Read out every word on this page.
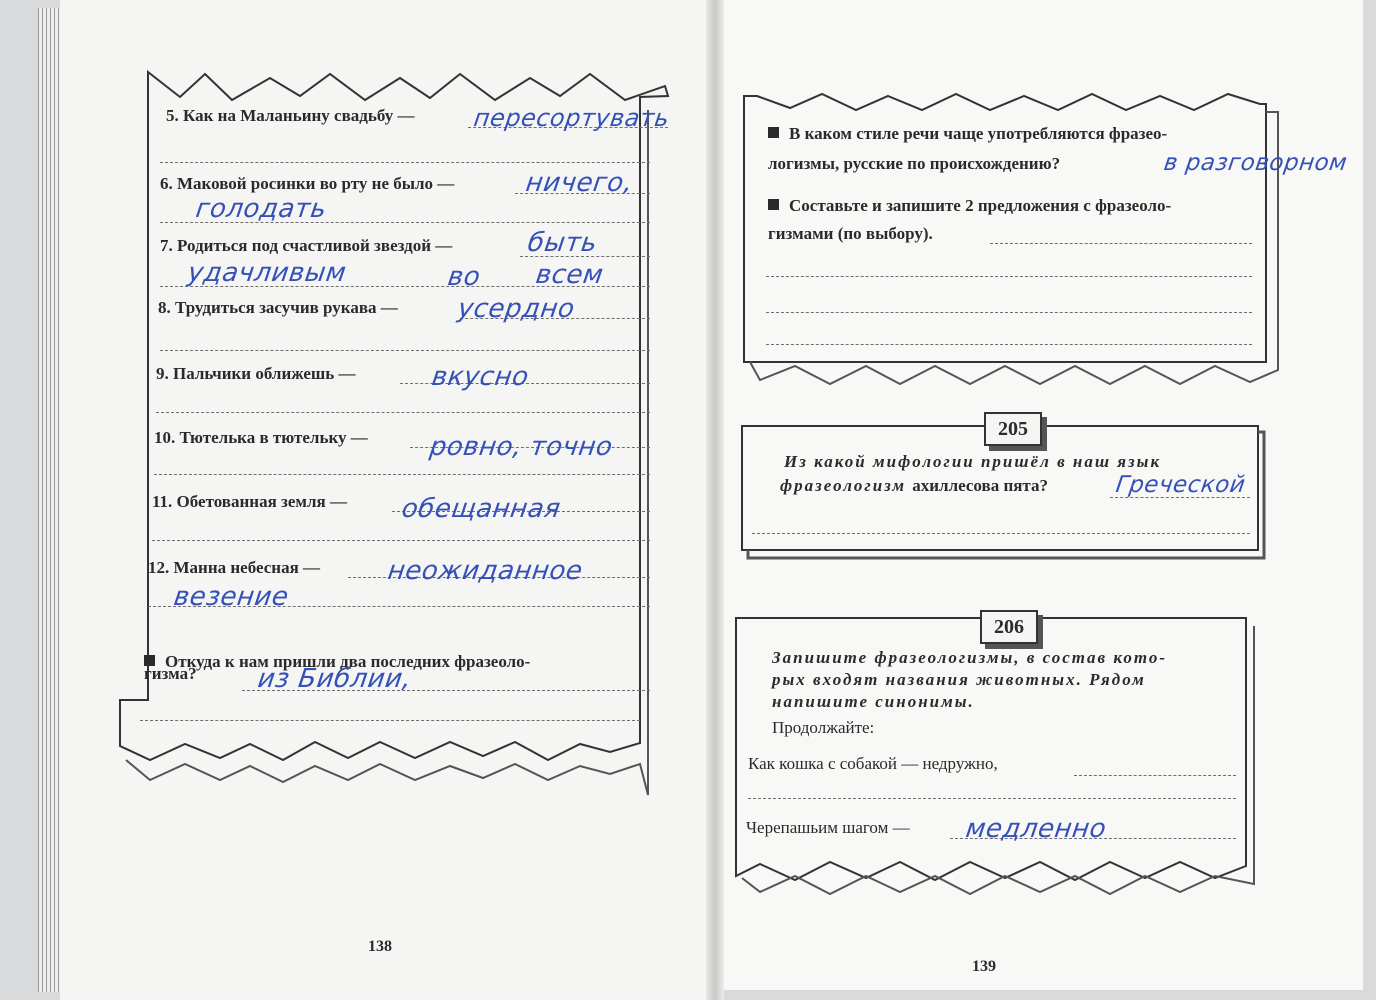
5. Как на Маланьину свадьбу — пересортувать
6. Маковой росинки во рту не было —	ничего,
голодать
7. Родиться под счастливой звездой —	быть
удачливым	во всем
8. Трудиться засучив рукава — усердно
9. Пальчики оближешь —	вкусно
10. Тютелька в тютельку — ровно, точно
11. Обетованная земля — обещанная
12. Манна небесная —	неожиданное
везение
Откуда к нам пришли два последних фразеоло-
гизма? из Библии,
138
В каком стиле речи чаще употребляются фразео-
логизмы, русские по происхождению?	в разговорном
Составьте и запишите 2 предложения с фразеоло-
гизмами (по выбору).
205
Из какой мифологии пришёл в наш язык
фразеологизм ахиллесова пята?	Греческой
206
Запишите фразеологизмы, в состав кото-
рых входят названия животных. Рядом
напишите синонимы.
Продолжайте:
Как кошка с собакой — недружно,
Черепашьим шагом — медленно
139
